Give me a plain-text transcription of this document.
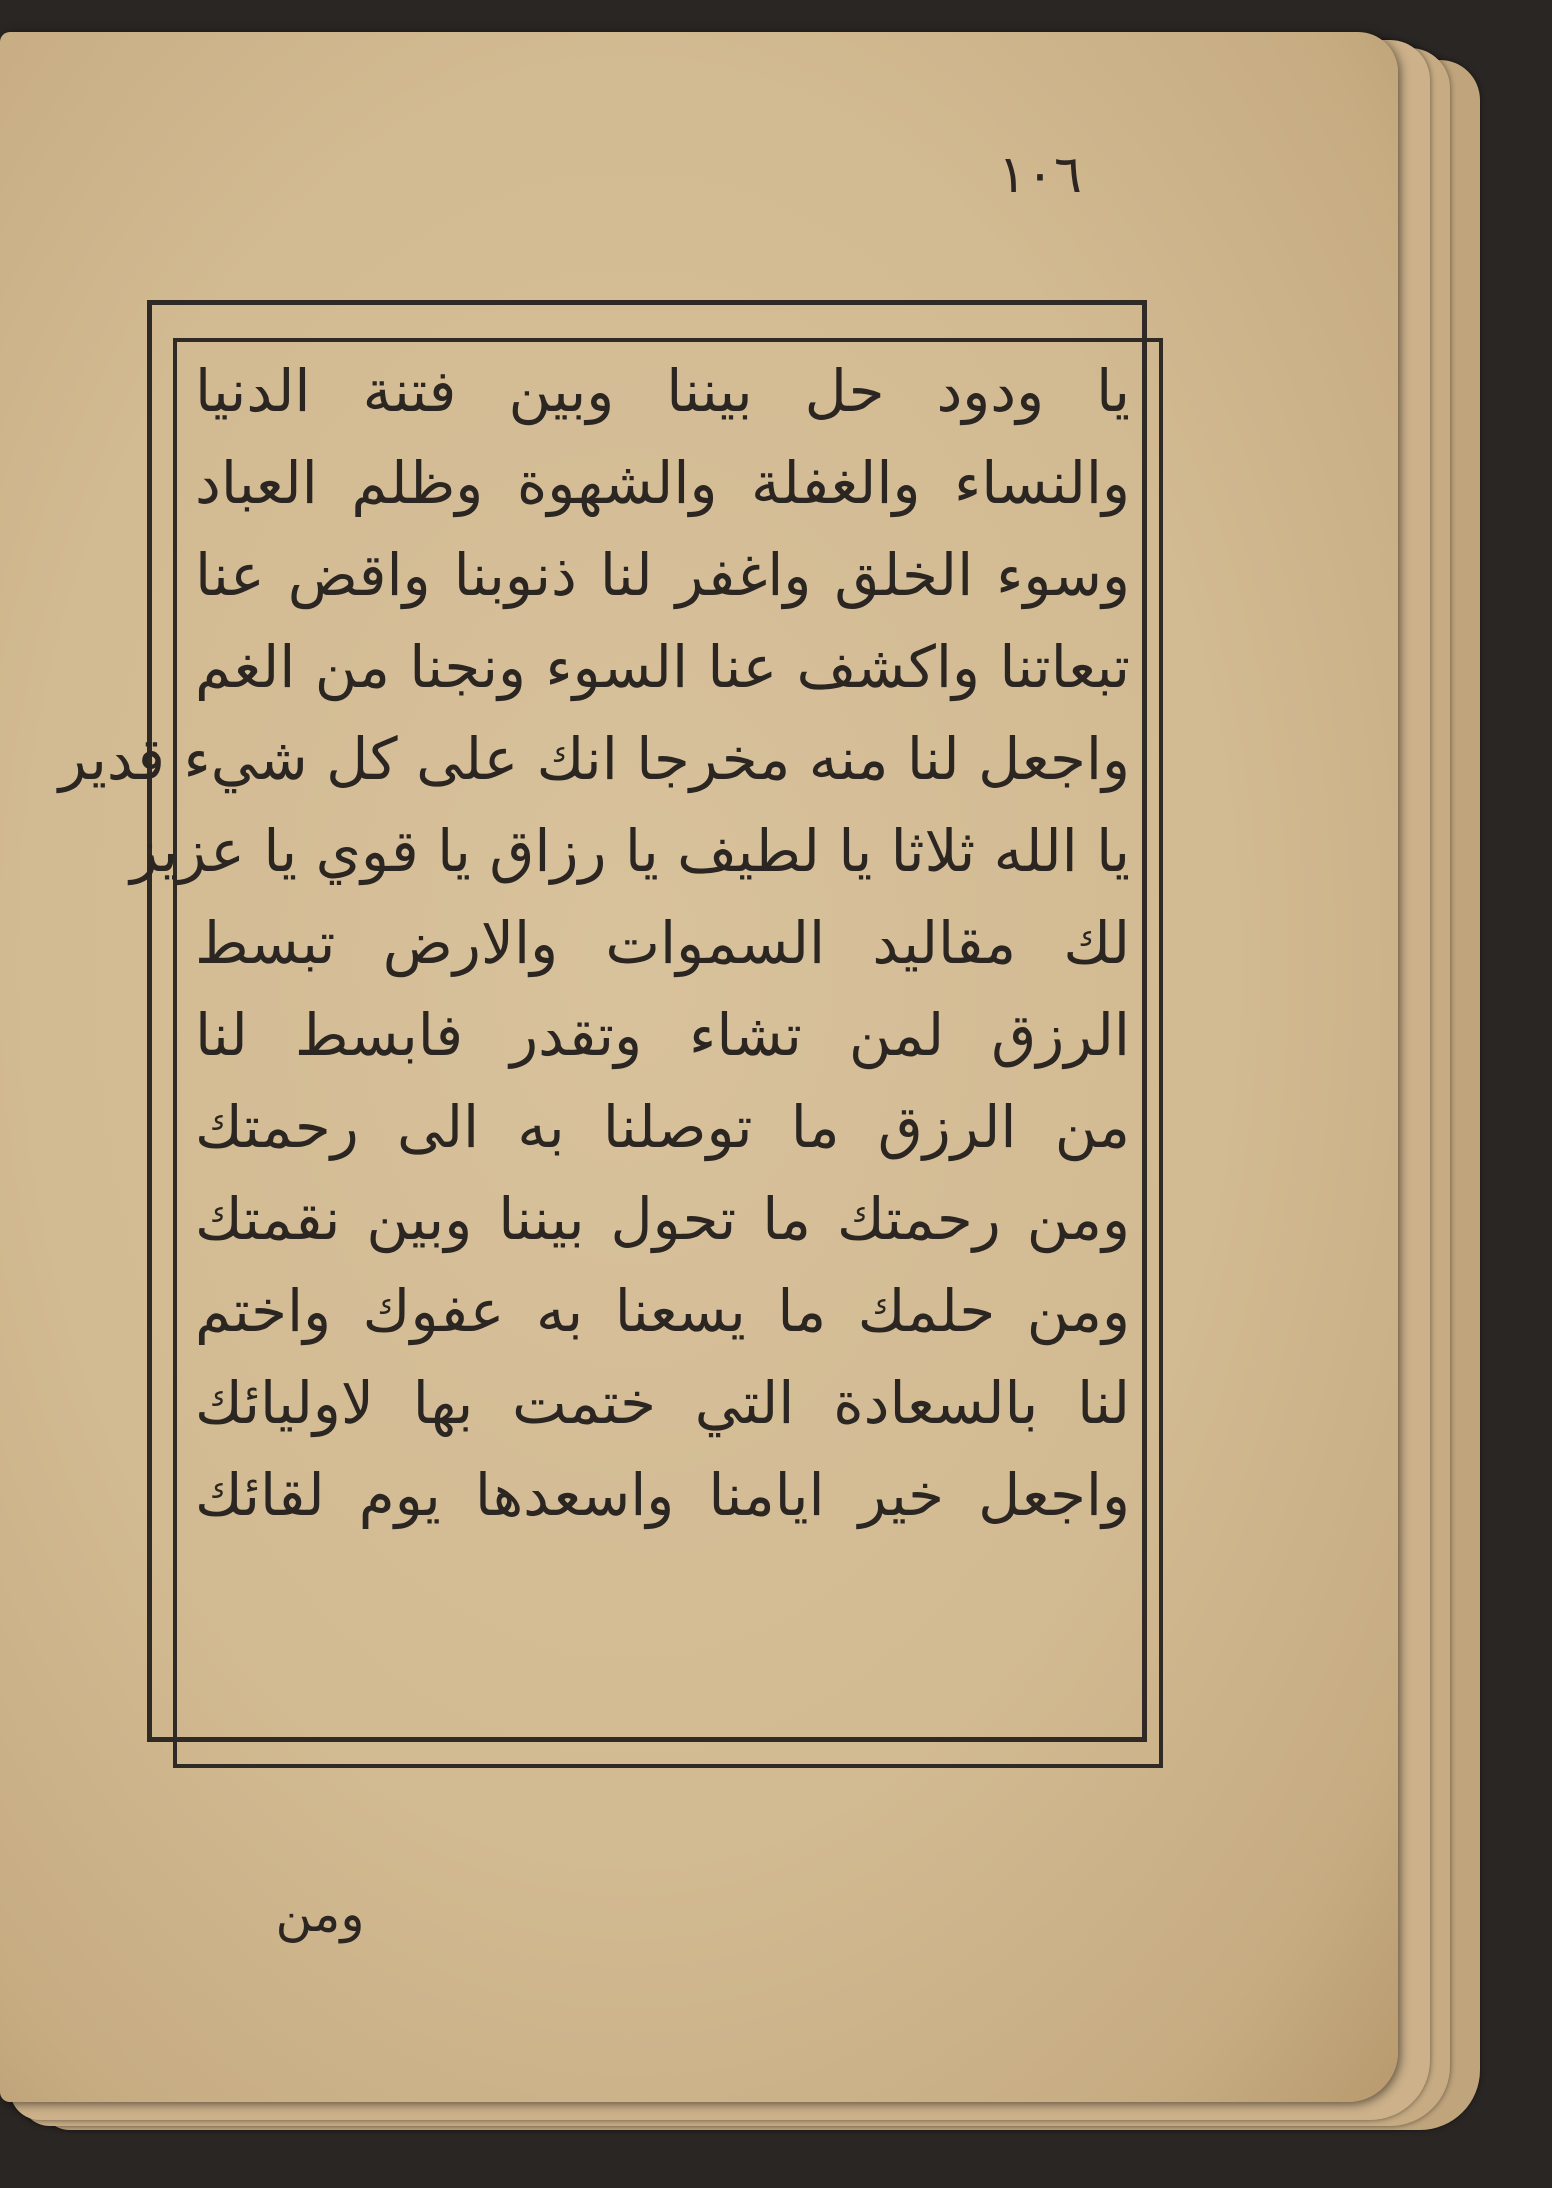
١٠٦
يا ودود حل بيننا وبين فتنة الدنيا
والنساء والغفلة والشهوة وظلم العباد
وسوء الخلق واغفر لنا ذنوبنا واقض عنا
تبعاتنا واكشف عنا السوء ونجنا من الغم
واجعل لنا منه مخرجا انك على كل شيء قدير
يا الله ثلاثا يا لطيف يا رزاق يا قوي يا عزيز
لك مقاليد السموات والارض تبسط
الرزق لمن تشاء وتقدر فابسط لنا
من الرزق ما توصلنا به الى رحمتك
ومن رحمتك ما تحول بيننا وبين نقمتك
ومن حلمك ما يسعنا به عفوك واختم
لنا بالسعادة التي ختمت بها لاوليائك
واجعل خير ايامنا واسعدها يوم لقائك
ومن
